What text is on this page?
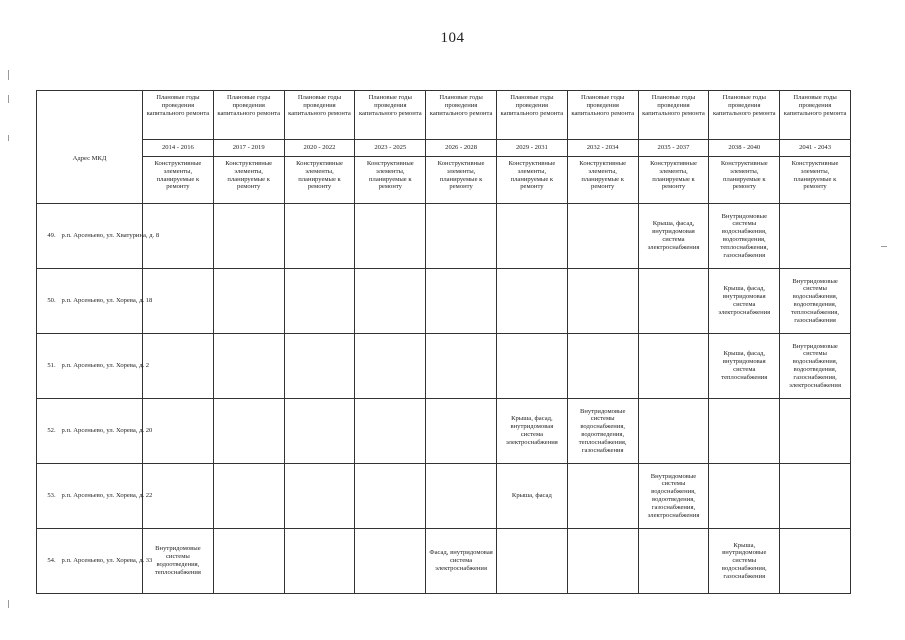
104
Адрес МКД	Плановые годы проведения капитального ремонта	Плановые годы проведения капитального ремонта	Плановые годы проведения капитального ремонта	Плановые годы проведения капитального ремонта	Плановые годы проведения капитального ремонта	Плановые годы проведения капитального ремонта	Плановые годы проведения капитального ремонта	Плановые годы проведения капитального ремонта	Плановые годы проведения капитального ремонта	Плановые годы проведения капитального ремонта
	2014 - 2016	2017 - 2019	2020 - 2022	2023 - 2025	2026 - 2028	2029 - 2031	2032 - 2034	2035 - 2037	2038 - 2040	2041 - 2043
	Конструктивные элементы, планируемые к ремонту	Конструктивные элементы, планируемые к ремонту	Конструктивные элементы, планируемые к ремонту	Конструктивные элементы, планируемые к ремонту	Конструктивные элементы, планируемые к ремонту	Конструктивные элементы, планируемые к ремонту	Конструктивные элементы, планируемые к ремонту	Конструктивные элементы, планируемые к ремонту	Конструктивные элементы, планируемые к ремонту	Конструктивные элементы, планируемые к ремонту
49. р.п. Арсеньево, ул. Хватурина, д. 8								Крыша, фасад, внутридомовая система электроснабжения	Внутридомовые системы водоснабжения, водоотведения, теплоснабжения, газоснабжения	
50. р.п. Арсеньево, ул. Хорева, д. 18									Крыша, фасад, внутридомовая система электроснабжения	Внутридомовые системы водоснабжения, водоотведения, теплоснабжения, газоснабжения
51. р.п. Арсеньево, ул. Хорева, д. 2									Крыша, фасад, внутридомовая система теплоснабжения	Внутридомовые системы водоснабжения, водоотведения, газоснабжения, электроснабжения
52. р.п. Арсеньево, ул. Хорева, д. 20						Крыша, фасад, внутридомовая система электроснабжения	Внутридомовые системы водоснабжения, водоотведения, теплоснабжения, газоснабжения			
53. р.п. Арсеньево, ул. Хорева, д. 22						Крыша, фасад		Внутридомовые системы водоснабжения, водоотведения, газоснабжения, электроснабжения		
54. р.п. Арсеньево, ул. Хорева, д. 33	Внутридомовые системы водоотведения, теплоснабжения				Фасад, внутридомовая система электроснабжения				Крыша, внутридомовые системы водоснабжения, газоснабжения	
